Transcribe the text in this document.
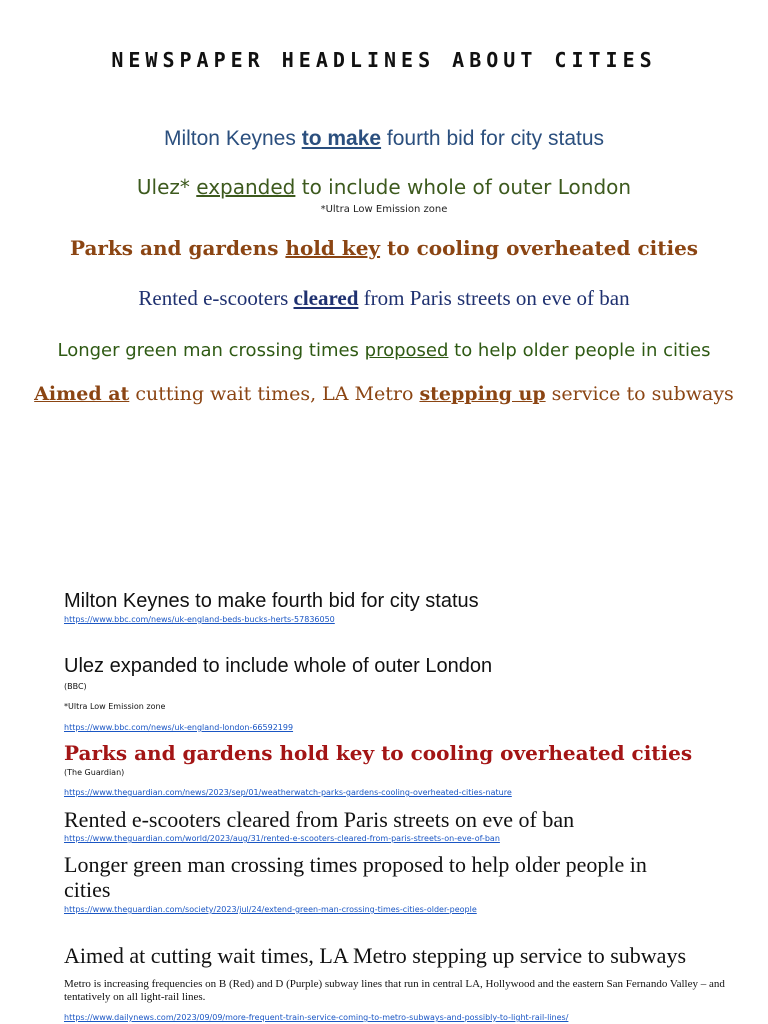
NEWSPAPER HEADLINES ABOUT CITIES
Milton Keynes to make fourth bid for city status
Ulez* expanded to include whole of outer London
*Ultra Low Emission zone
Parks and gardens hold key to cooling overheated cities
Rented e-scooters cleared from Paris streets on eve of ban
Longer green man crossing times proposed to help older people in cities
Aimed at cutting wait times, LA Metro stepping up service to subways
Milton Keynes to make fourth bid for city status
https://www.bbc.com/news/uk-england-beds-bucks-herts-57836050
Ulez expanded to include whole of outer London
(BBC)
*Ultra Low Emission zone
https://www.bbc.com/news/uk-england-london-66592199
Parks and gardens hold key to cooling overheated cities
(The Guardian)
https://www.theguardian.com/news/2023/sep/01/weatherwatch-parks-gardens-cooling-overheated-cities-nature
Rented e-scooters cleared from Paris streets on eve of ban
https://www.theguardian.com/world/2023/aug/31/rented-e-scooters-cleared-from-paris-streets-on-eve-of-ban
Longer green man crossing times proposed to help older people in
cities
https://www.theguardian.com/society/2023/jul/24/extend-green-man-crossing-times-cities-older-people
Aimed at cutting wait times, LA Metro stepping up service to subways
Metro is increasing frequencies on B (Red) and D (Purple) subway lines that run in central LA, Hollywood and the eastern San Fernando Valley – and tentatively on all light-rail lines.
https://www.dailynews.com/2023/09/09/more-frequent-train-service-coming-to-metro-subways-and-possibly-to-light-rail-lines/
